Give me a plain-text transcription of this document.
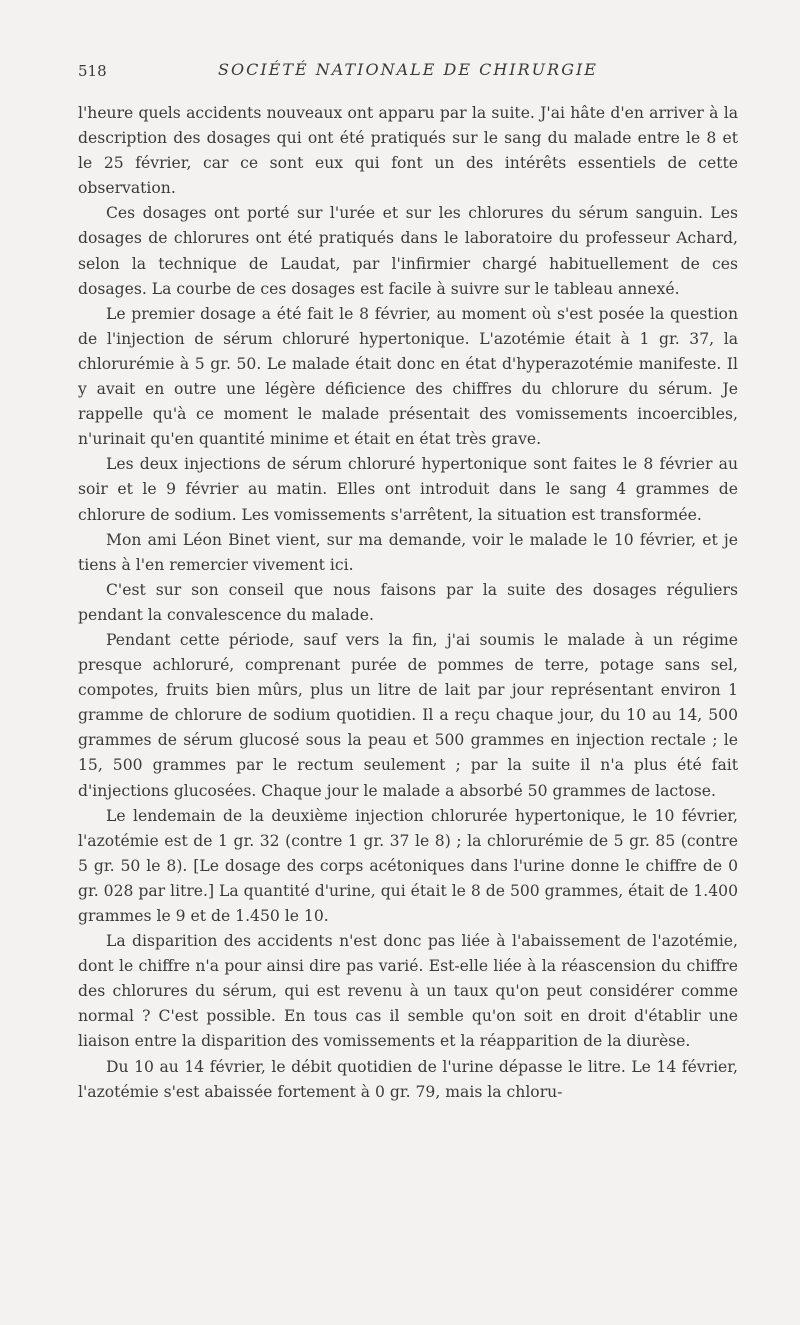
518	SOCIÉTÉ NATIONALE DE CHIRURGIE

l'heure quels accidents nouveaux ont apparu par la suite. J'ai hâte d'en arriver à la description des dosages qui ont été pratiqués sur le sang du malade entre le 8 et le 25 février, car ce sont eux qui font un des intérêts essentiels de cette observation.

Ces dosages ont porté sur l'urée et sur les chlorures du sérum sanguin. Les dosages de chlorures ont été pratiqués dans le laboratoire du professeur Achard, selon la technique de Laudat, par l'infirmier chargé habituellement de ces dosages. La courbe de ces dosages est facile à suivre sur le tableau annexé.

Le premier dosage a été fait le 8 février, au moment où s'est posée la question de l'injection de sérum chloruré hypertonique. L'azotémie était à 1 gr. 37, la chlorurémie à 5 gr. 50. Le malade était donc en état d'hyperazotémie manifeste. Il y avait en outre une légère déficience des chiffres du chlorure du sérum. Je rappelle qu'à ce moment le malade présentait des vomissements incoercibles, n'urinait qu'en quantité minime et était en état très grave.

Les deux injections de sérum chloruré hypertonique sont faites le 8 février au soir et le 9 février au matin. Elles ont introduit dans le sang 4 grammes de chlorure de sodium. Les vomissements s'arrêtent, la situation est transformée.

Mon ami Léon Binet vient, sur ma demande, voir le malade le 10 février, et je tiens à l'en remercier vivement ici.

C'est sur son conseil que nous faisons par la suite des dosages réguliers pendant la convalescence du malade.

Pendant cette période, sauf vers la fin, j'ai soumis le malade à un régime presque achloruré, comprenant purée de pommes de terre, potage sans sel, compotes, fruits bien mûrs, plus un litre de lait par jour représentant environ 1 gramme de chlorure de sodium quotidien. Il a reçu chaque jour, du 10 au 14, 500 grammes de sérum glucosé sous la peau et 500 grammes en injection rectale ; le 15, 500 grammes par le rectum seulement ; par la suite il n'a plus été fait d'injections glucosées. Chaque jour le malade a absorbé 50 grammes de lactose.

Le lendemain de la deuxième injection chlorurée hypertonique, le 10 février, l'azotémie est de 1 gr. 32 (contre 1 gr. 37 le 8) ; la chlorurémie de 5 gr. 85 (contre 5 gr. 50 le 8). [Le dosage des corps acétoniques dans l'urine donne le chiffre de 0 gr. 028 par litre.] La quantité d'urine, qui était le 8 de 500 grammes, était de 1.400 grammes le 9 et de 1.450 le 10.

La disparition des accidents n'est donc pas liée à l'abaissement de l'azotémie, dont le chiffre n'a pour ainsi dire pas varié. Est-elle liée à la réascension du chiffre des chlorures du sérum, qui est revenu à un taux qu'on peut considérer comme normal ? C'est possible. En tous cas il semble qu'on soit en droit d'établir une liaison entre la disparition des vomissements et la réapparition de la diurèse.

Du 10 au 14 février, le débit quotidien de l'urine dépasse le litre. Le 14 février, l'azotémie s'est abaissée fortement à 0 gr. 79, mais la chloru-
